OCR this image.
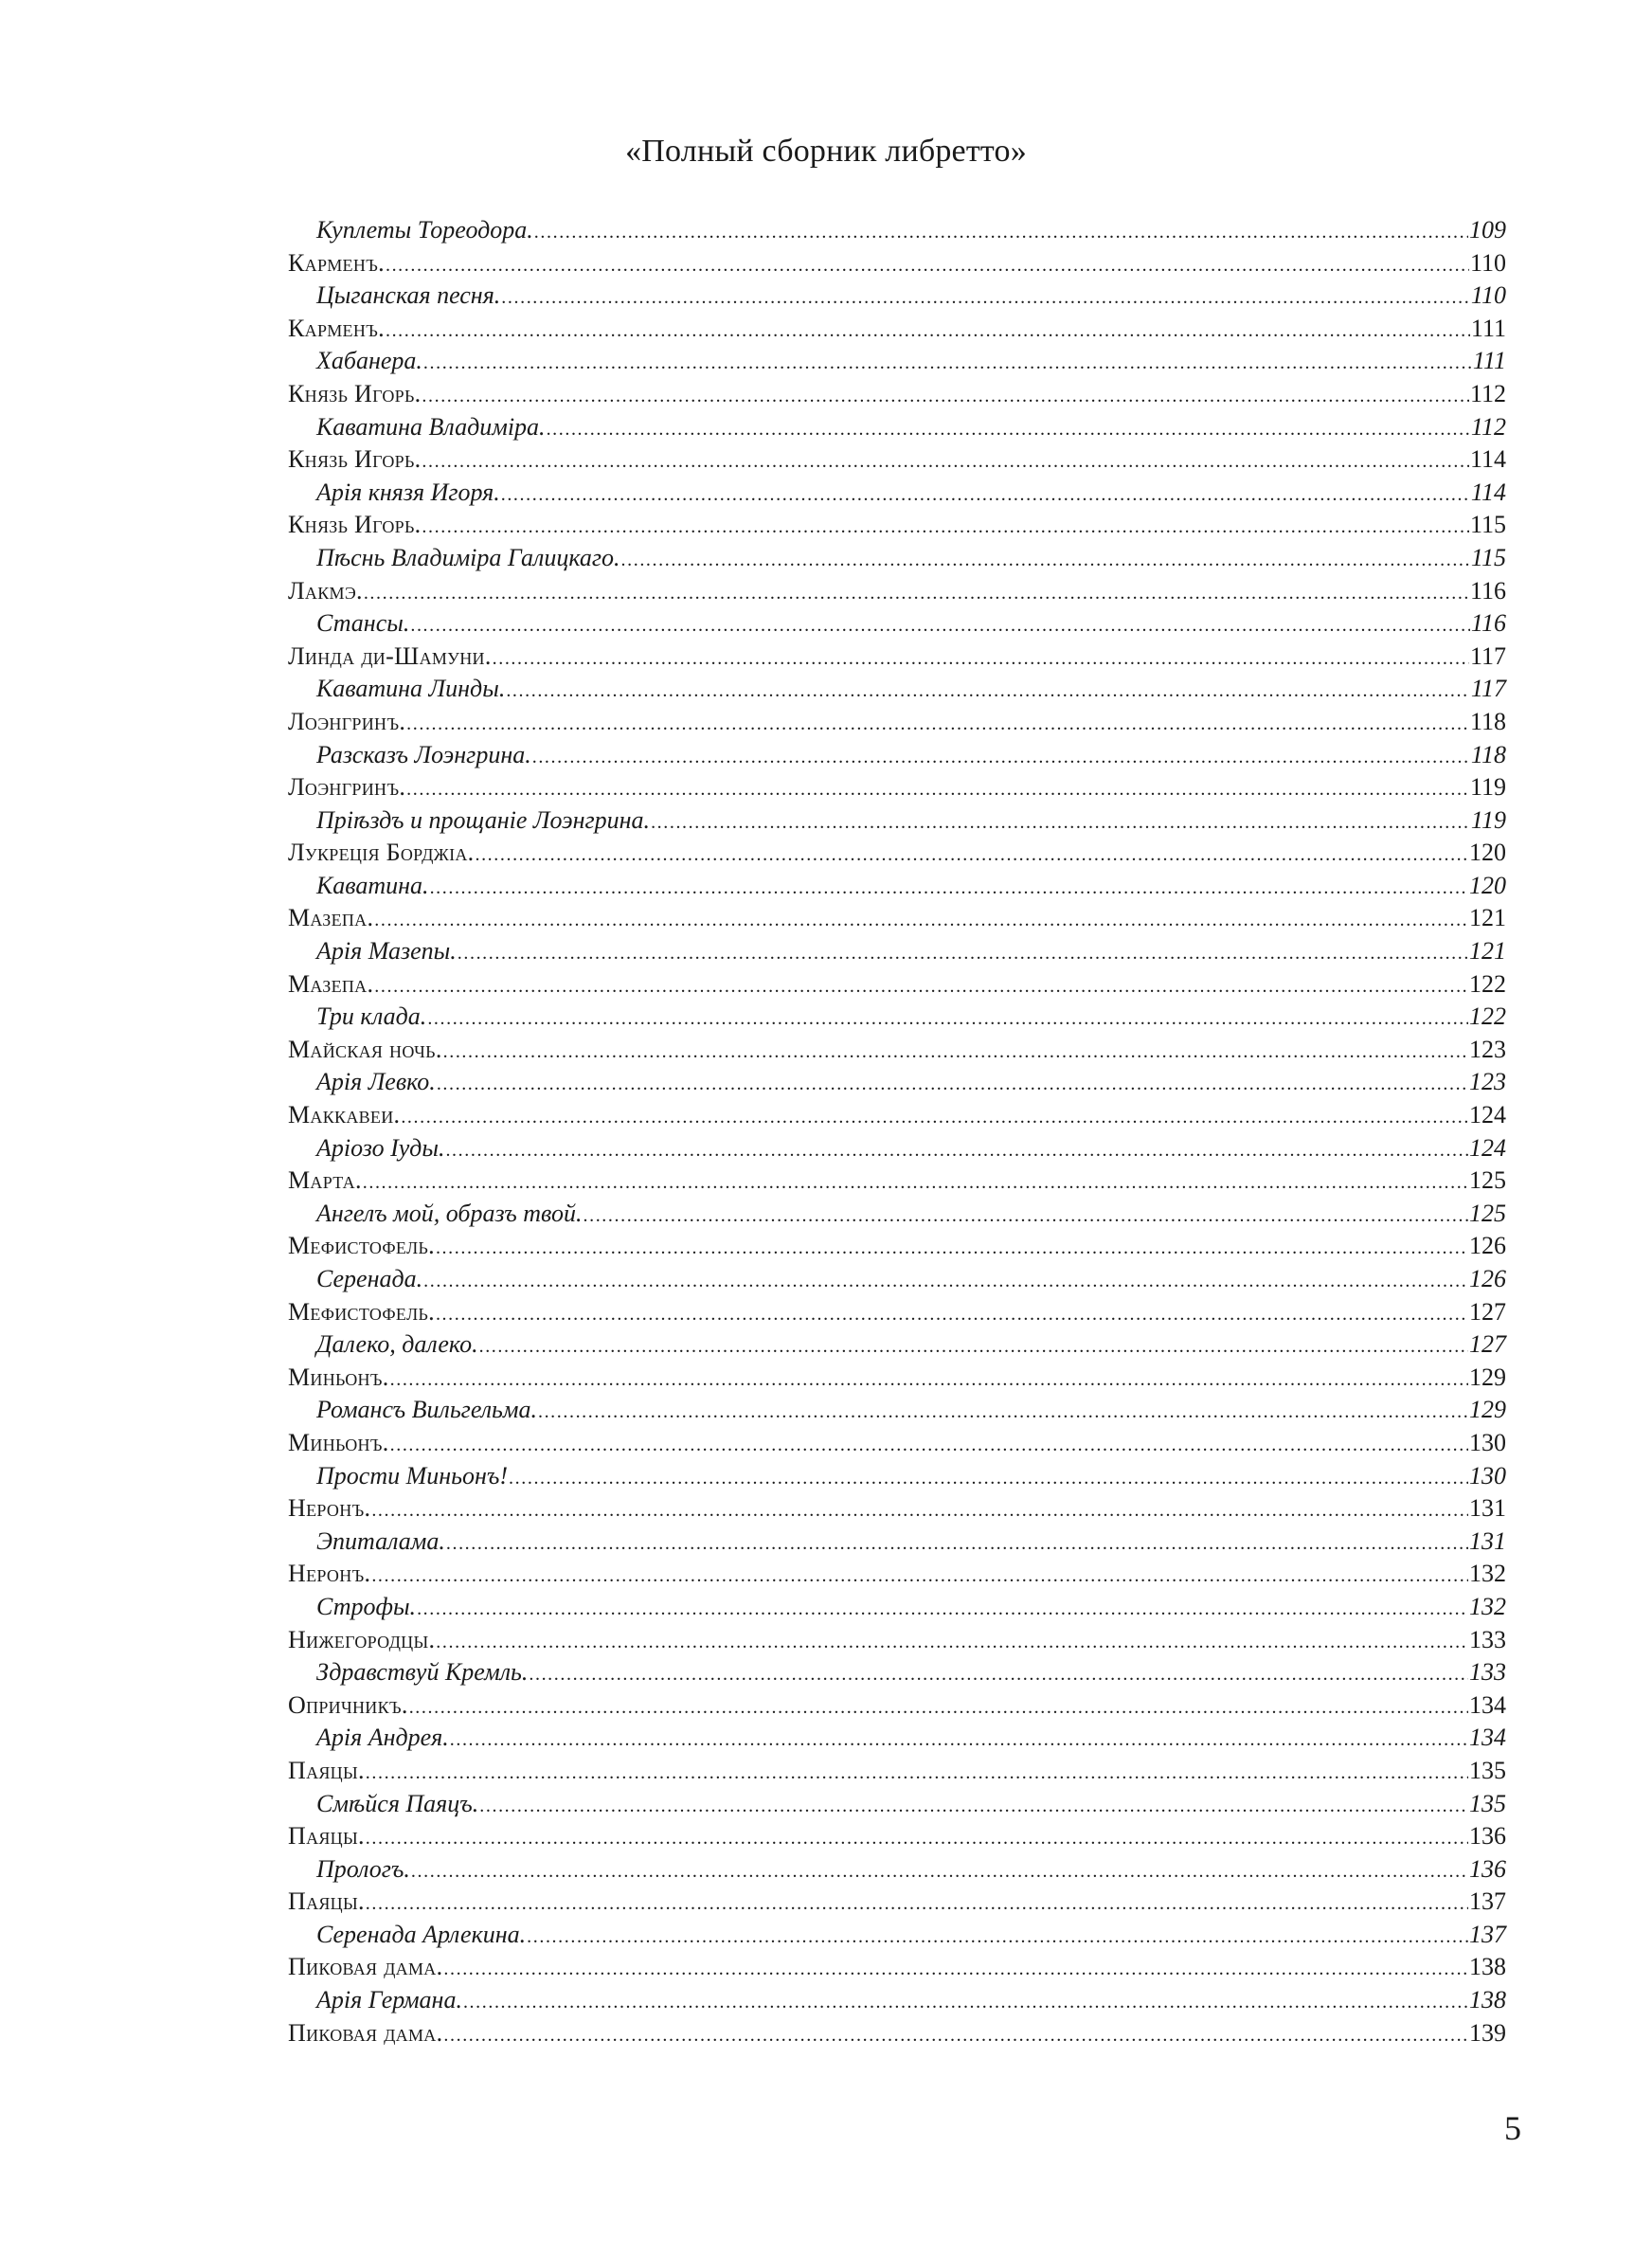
«Полный сборник либретто»
Куплеты Тореодора. .....	109
Карменъ. .....	110
Цыганская песня. .....	110
Карменъ. .....	111
Хабанера. .....	111
Князь Игорь. .....	112
Каватина Владиміра. .....	112
Князь Игорь. .....	114
Арія князя Игоря. .....	114
Князь Игорь. .....	115
Пѣснь Владиміра Галицкаго. .....	115
Лакмэ. .....	116
Стансы. .....	116
Линда ди-Шамуни. .....	117
Каватина Линды. .....	117
Лоэнгринъ. .....	118
Разсказъ Лоэнгрина. .....	118
Лоэнгринъ. .....	119
Пріѣздъ и прощаніе Лоэнгрина. .....	119
Лукреція Борджіа. .....	120
Каватина. .....	120
Мазепа. .....	121
Арія Мазепы. .....	121
Мазепа. .....	122
Три клада. .....	122
Майская ночь. .....	123
Арія Левко. .....	123
Маккавеи. .....	124
Аріозо Іуды. .....	124
Марта. .....	125
Ангелъ мой, образъ твой. .....	125
Мефистофель. .....	126
Серенада. .....	126
Мефистофель. .....	127
Далеко, далеко. .....	127
Миньонъ. .....	129
Романсъ Вильгельма. .....	129
Миньонъ. .....	130
Прости Миньонъ! .....	130
Неронъ. .....	131
Эпиталама. .....	131
Неронъ. .....	132
Строфы. .....	132
Нижегородцы. .....	133
Здравствуй Кремль. .....	133
Опричникъ. .....	134
Арія Андрея. .....	134
Паяцы. .....	135
Смѣйся Паяцъ. .....	135
Паяцы. .....	136
Прологъ. .....	136
Паяцы. .....	137
Серенада Арлекина. .....	137
Пиковая дама. .....	138
Арія Германа. .....	138
Пиковая дама. .....	139
5
